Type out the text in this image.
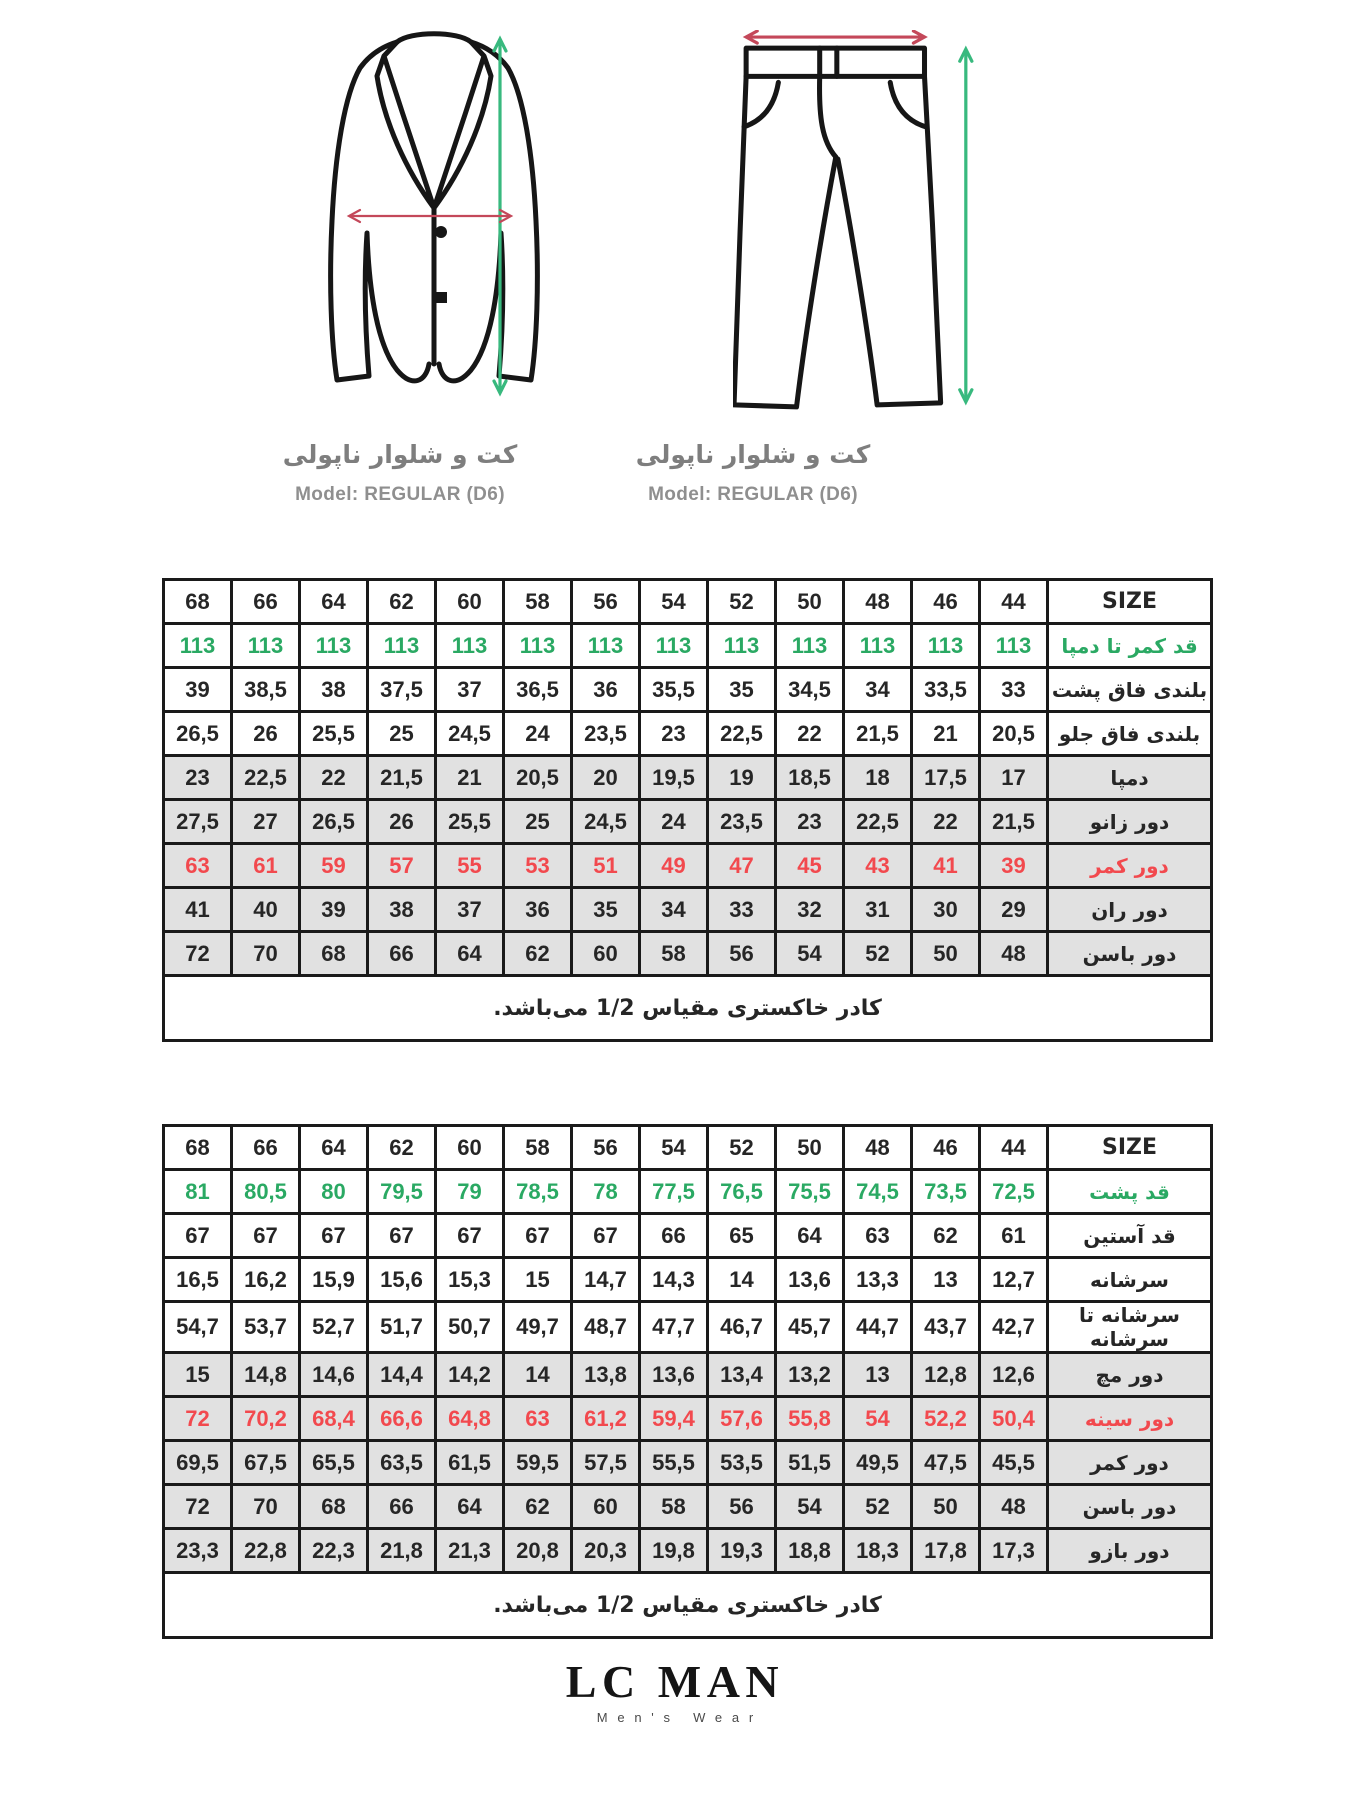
کت و شلوار ناپولی
Model: REGULAR (D6)
کت و شلوار ناپولی
Model: REGULAR (D6)
68	66	64	62	60	58	56	54	52	50	48	46	44	SIZE
113	113	113	113	113	113	113	113	113	113	113	113	113	قد کمر تا دمپا
39	38,5	38	37,5	37	36,5	36	35,5	35	34,5	34	33,5	33	بلندی فاق پشت
26,5	26	25,5	25	24,5	24	23,5	23	22,5	22	21,5	21	20,5	بلندی فاق جلو
23	22,5	22	21,5	21	20,5	20	19,5	19	18,5	18	17,5	17	دمپا
27,5	27	26,5	26	25,5	25	24,5	24	23,5	23	22,5	22	21,5	دور زانو
63	61	59	57	55	53	51	49	47	45	43	41	39	دور کمر
41	40	39	38	37	36	35	34	33	32	31	30	29	دور ران
72	70	68	66	64	62	60	58	56	54	52	50	48	دور باسن
کادر خاکستری مقیاس 1/2 می‌باشد.													
68	66	64	62	60	58	56	54	52	50	48	46	44	SIZE
81	80,5	80	79,5	79	78,5	78	77,5	76,5	75,5	74,5	73,5	72,5	قد پشت
67	67	67	67	67	67	67	66	65	64	63	62	61	قد آستین
16,5	16,2	15,9	15,6	15,3	15	14,7	14,3	14	13,6	13,3	13	12,7	سرشانه
54,7	53,7	52,7	51,7	50,7	49,7	48,7	47,7	46,7	45,7	44,7	43,7	42,7	سرشانه تا سرشانه
15	14,8	14,6	14,4	14,2	14	13,8	13,6	13,4	13,2	13	12,8	12,6	دور مچ
72	70,2	68,4	66,6	64,8	63	61,2	59,4	57,6	55,8	54	52,2	50,4	دور سینه
69,5	67,5	65,5	63,5	61,5	59,5	57,5	55,5	53,5	51,5	49,5	47,5	45,5	دور کمر
72	70	68	66	64	62	60	58	56	54	52	50	48	دور باسن
23,3	22,8	22,3	21,8	21,3	20,8	20,3	19,8	19,3	18,8	18,3	17,8	17,3	دور بازو
کادر خاکستری مقیاس 1/2 می‌باشد.													
LC MAN
Men's Wear
